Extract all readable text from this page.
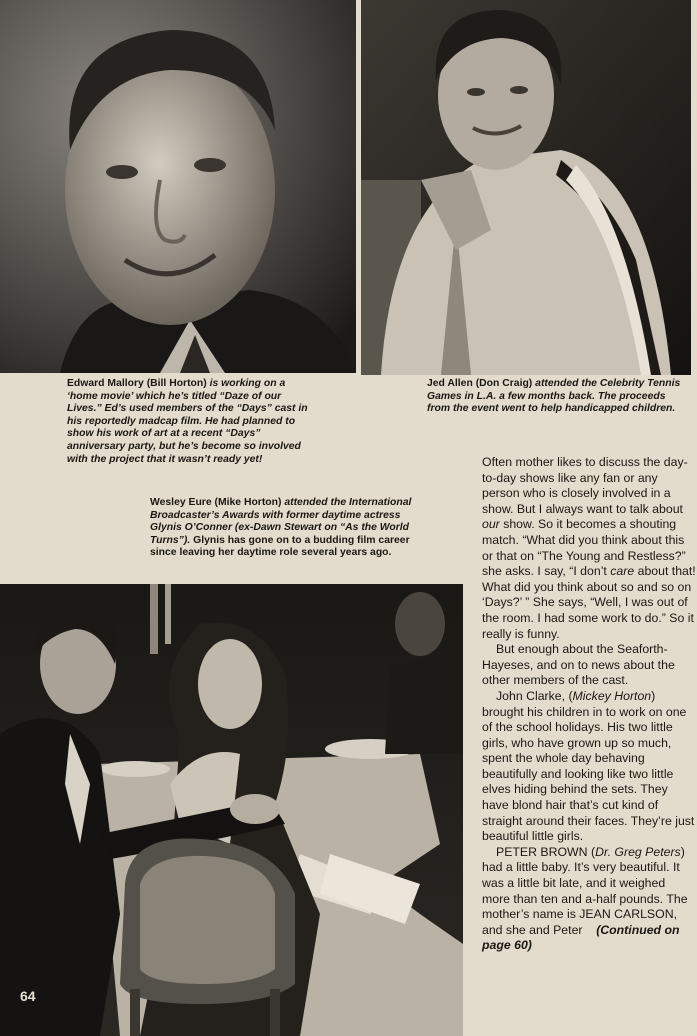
Edward Mallory (Bill Horton) is working on a ‘home movie’ which he’s titled “Daze of our Lives.” Ed’s used members of the “Days” cast in his reportedly madcap film. He had planned to show his work of art at a recent “Days” anniversary party, but he’s become so involved with the project that it wasn’t ready yet!

Jed Allen (Don Craig) attended the Celebrity Tennis Games in L.A. a few months back. The proceeds from the event went to help handicapped children.

Wesley Eure (Mike Horton) attended the International Broadcaster’s Awards with former daytime actress Glynis O’Conner (ex-Dawn Stewart on “As the World Turns”). Glynis has gone on to a budding film career since leaving her daytime role several years ago.

Often mother likes to discuss the day-to-day shows like any fan or any person who is closely involved in a show. But I always want to talk about our show. So it becomes a shouting match. “What did you think about this or that on “The Young and Restless?” she asks. I say, “I don’t care about that! What did you think about so and so on ‘Days?’ ” She says, “Well, I was out of the room. I had some work to do.” So it really is funny.

But enough about the Seaforth-Hayeses, and on to news about the other members of the cast.

John Clarke, (Mickey Horton) brought his children in to work on one of the school holidays. His two little girls, who have grown up so much, spent the whole day behaving beautifully and looking like two little elves hiding behind the sets. They have blond hair that’s cut kind of straight around their faces. They’re just beautiful little girls.

PETER BROWN (Dr. Greg Peters) had a little baby. It’s very beautiful. It was a little bit late, and it weighed more than ten and a-half pounds. The mother’s name is JEAN CARLSON, and she and Peter (Continued on page 60)

64
